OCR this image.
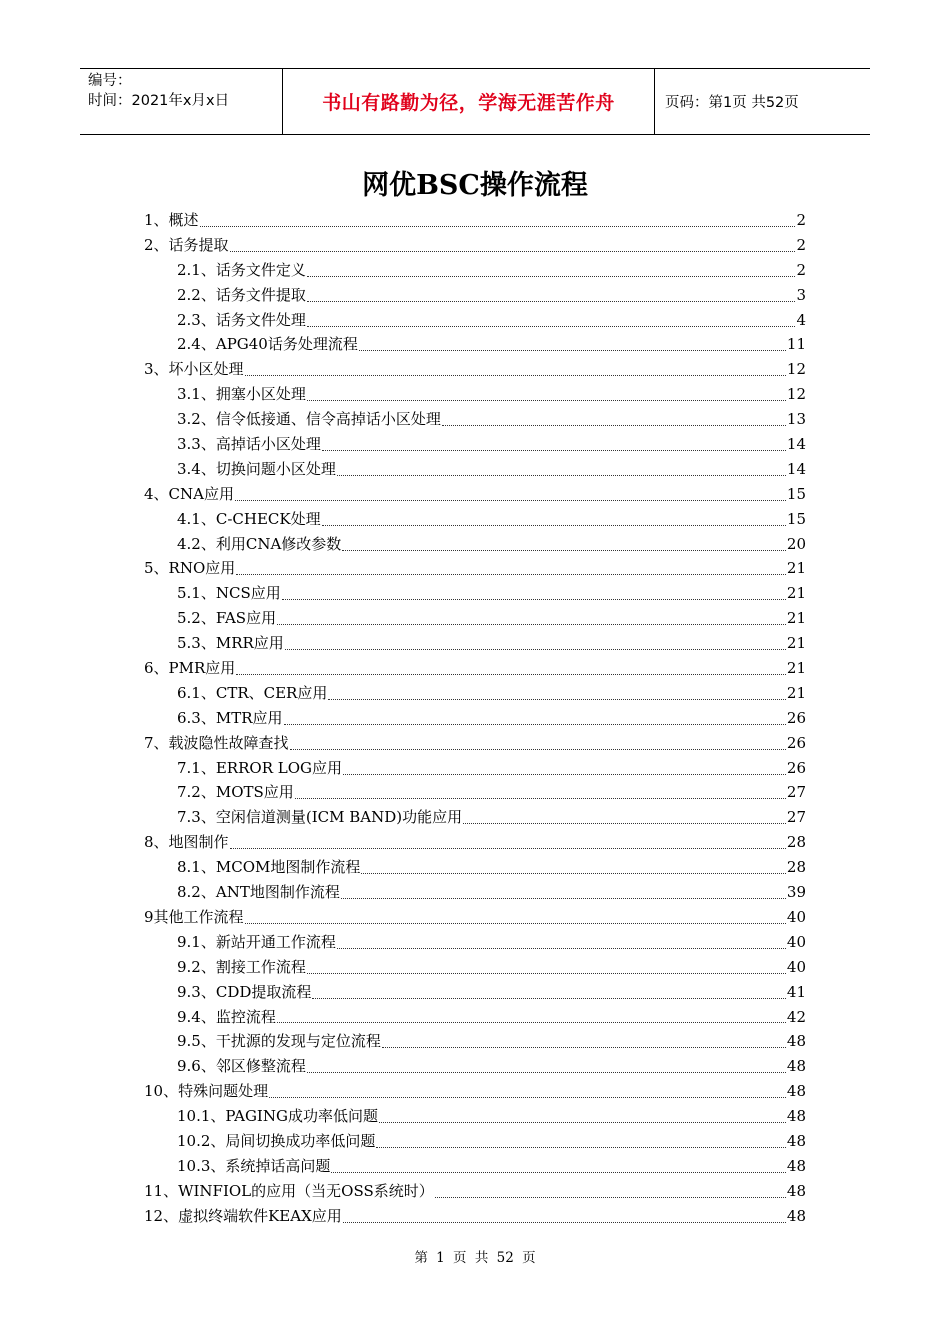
编号：
时间：2021年x月x日	书山有路勤为径，学海无涯苦作舟	页码：第1页 共52页
网优BSC操作流程
1、概述	2
2、话务提取	2
2.1、话务文件定义	2
2.2、话务文件提取	3
2.3、话务文件处理	4
2.4、APG40话务处理流程	11
3、坏小区处理	12
3.1、拥塞小区处理	12
3.2、信令低接通、信令高掉话小区处理	13
3.3、高掉话小区处理	14
3.4、切换问题小区处理	14
4、CNA应用	15
4.1、C-CHECK处理	15
4.2、利用CNA修改参数	20
5、RNO应用	21
5.1、NCS应用	21
5.2、FAS应用	21
5.3、MRR应用	21
6、PMR应用	21
6.1、CTR、CER应用	21
6.3、MTR应用	26
7、载波隐性故障查找	26
7.1、ERROR LOG应用	26
7.2、MOTS应用	27
7.3、空闲信道测量(ICM BAND)功能应用	27
8、地图制作	28
8.1、MCOM地图制作流程	28
8.2、ANT地图制作流程	39
9其他工作流程	40
9.1、新站开通工作流程	40
9.2、割接工作流程	40
9.3、CDD提取流程	41
9.4、监控流程	42
9.5、干扰源的发现与定位流程	48
9.6、邻区修整流程	48
10、特殊问题处理	48
10.1、PAGING成功率低问题	48
10.2、局间切换成功率低问题	48
10.3、系统掉话高问题	48
11、WINFIOL的应用（当无OSS系统时）	48
12、虚拟终端软件KEAX应用	48
第 1 页 共 52 页
